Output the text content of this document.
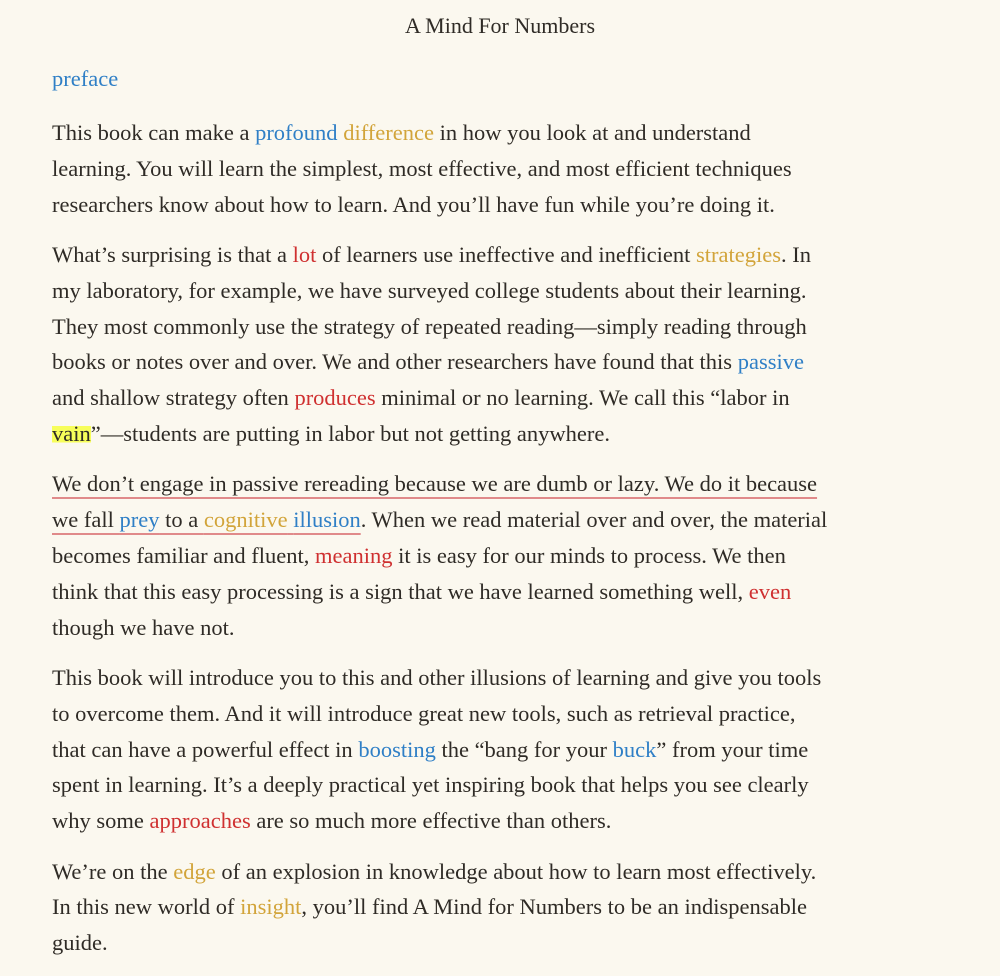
A Mind For Numbers
preface
This book can make a profound difference in how you look at and understand
learning. You will learn the simplest, most effective, and most efficient techniques
researchers know about how to learn. And you’ll have fun while you’re doing it.
What’s surprising is that a lot of learners use ineffective and inefficient strategies. In
my laboratory, for example, we have surveyed college students about their learning.
They most commonly use the strategy of repeated reading—simply reading through
books or notes over and over. We and other researchers have found that this passive
and shallow strategy often produces minimal or no learning. We call this “labor in
vain”—students are putting in labor but not getting anywhere.
We don’t engage in passive rereading because we are dumb or lazy. We do it because
we fall prey to a cognitive illusion. When we read material over and over, the material
becomes familiar and fluent, meaning it is easy for our minds to process. We then
think that this easy processing is a sign that we have learned something well, even
though we have not.
This book will introduce you to this and other illusions of learning and give you tools
to overcome them. And it will introduce great new tools, such as retrieval practice,
that can have a powerful effect in boosting the “bang for your buck” from your time
spent in learning. It’s a deeply practical yet inspiring book that helps you see clearly
why some approaches are so much more effective than others.
We’re on the edge of an explosion in knowledge about how to learn most effectively.
In this new world of insight, you’ll find A Mind for Numbers to be an indispensable
guide.
